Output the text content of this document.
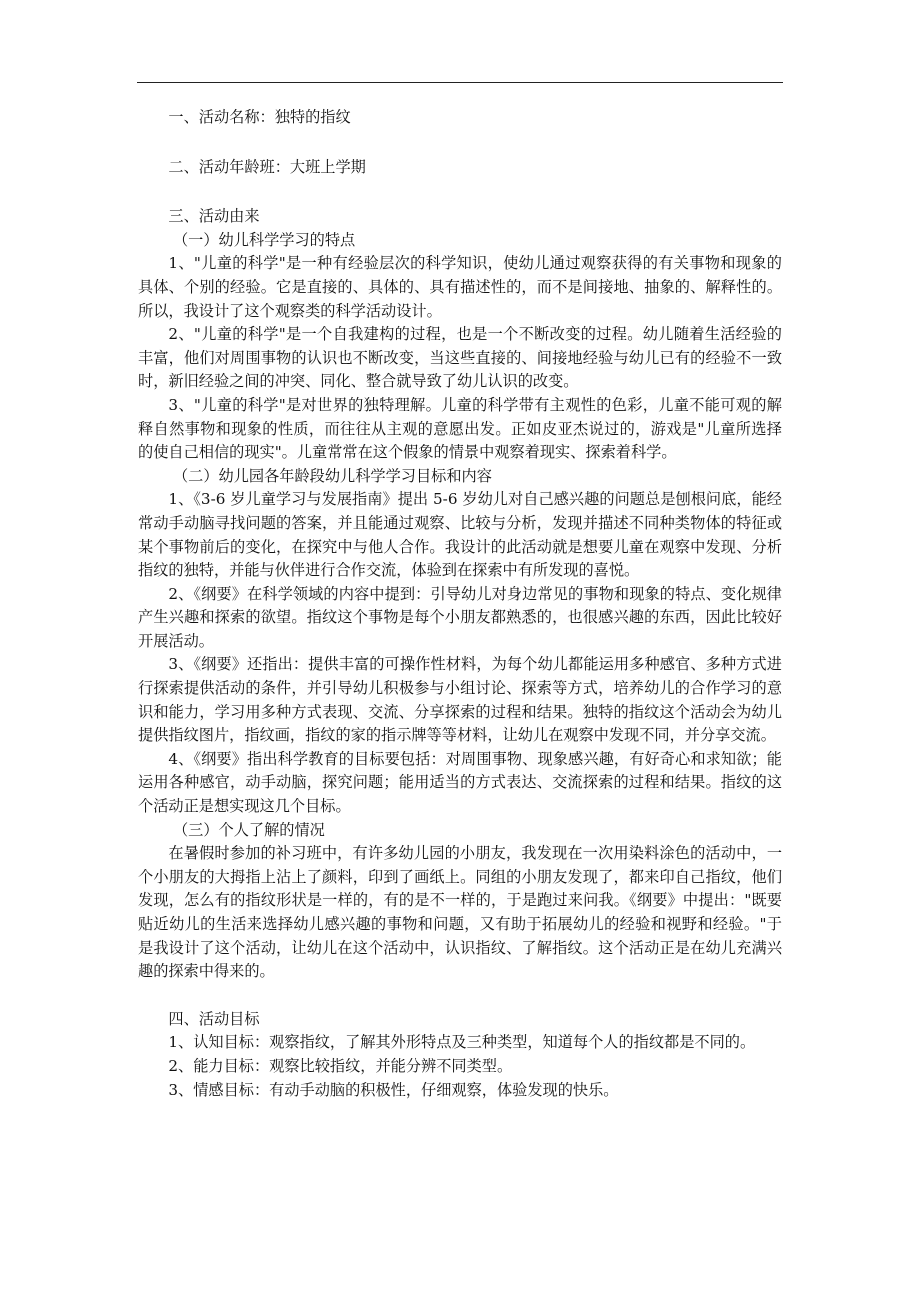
一、活动名称：独特的指纹

二、活动年龄班：大班上学期

三、活动由来

（一）幼儿科学学习的特点

1、"儿童的科学"是一种有经验层次的科学知识，使幼儿通过观察获得的有关事物和现象的具体、个别的经验。它是直接的、具体的、具有描述性的，而不是间接地、抽象的、解释性的。所以，我设计了这个观察类的科学活动设计。

2、"儿童的科学"是一个自我建构的过程，也是一个不断改变的过程。幼儿随着生活经验的丰富，他们对周围事物的认识也不断改变，当这些直接的、间接地经验与幼儿已有的经验不一致时，新旧经验之间的冲突、同化、整合就导致了幼儿认识的改变。

3、"儿童的科学"是对世界的独特理解。儿童的科学带有主观性的色彩，儿童不能可观的解释自然事物和现象的性质，而往往从主观的意愿出发。正如皮亚杰说过的，游戏是"儿童所选择的使自己相信的现实"。儿童常常在这个假象的情景中观察着现实、探索着科学。

（二）幼儿园各年龄段幼儿科学学习目标和内容

1、《3-6 岁儿童学习与发展指南》提出 5-6 岁幼儿对自己感兴趣的问题总是刨根问底，能经常动手动脑寻找问题的答案，并且能通过观察、比较与分析，发现并描述不同种类物体的特征或某个事物前后的变化，在探究中与他人合作。我设计的此活动就是想要儿童在观察中发现、分析指纹的独特，并能与伙伴进行合作交流，体验到在探索中有所发现的喜悦。

2、《纲要》在科学领域的内容中提到：引导幼儿对身边常见的事物和现象的特点、变化规律产生兴趣和探索的欲望。指纹这个事物是每个小朋友都熟悉的，也很感兴趣的东西，因此比较好开展活动。

3、《纲要》还指出：提供丰富的可操作性材料，为每个幼儿都能运用多种感官、多种方式进行探索提供活动的条件，并引导幼儿积极参与小组讨论、探索等方式，培养幼儿的合作学习的意识和能力，学习用多种方式表现、交流、分享探索的过程和结果。独特的指纹这个活动会为幼儿提供指纹图片，指纹画，指纹的家的指示牌等等材料，让幼儿在观察中发现不同，并分享交流。

4、《纲要》指出科学教育的目标要包括：对周围事物、现象感兴趣，有好奇心和求知欲；能运用各种感官，动手动脑，探究问题；能用适当的方式表达、交流探索的过程和结果。指纹的这个活动正是想实现这几个目标。

（三）个人了解的情况

在暑假时参加的补习班中，有许多幼儿园的小朋友，我发现在一次用染料涂色的活动中，一个小朋友的大拇指上沾上了颜料，印到了画纸上。同组的小朋友发现了，都来印自己指纹，他们发现，怎么有的指纹形状是一样的，有的是不一样的，于是跑过来问我。《纲要》中提出："既要贴近幼儿的生活来选择幼儿感兴趣的事物和问题，又有助于拓展幼儿的经验和视野和经验。"于是我设计了这个活动，让幼儿在这个活动中，认识指纹、了解指纹。这个活动正是在幼儿充满兴趣的探索中得来的。

四、活动目标

1、认知目标：观察指纹，了解其外形特点及三种类型，知道每个人的指纹都是不同的。

2、能力目标：观察比较指纹，并能分辨不同类型。

3、情感目标：有动手动脑的积极性，仔细观察，体验发现的快乐。
